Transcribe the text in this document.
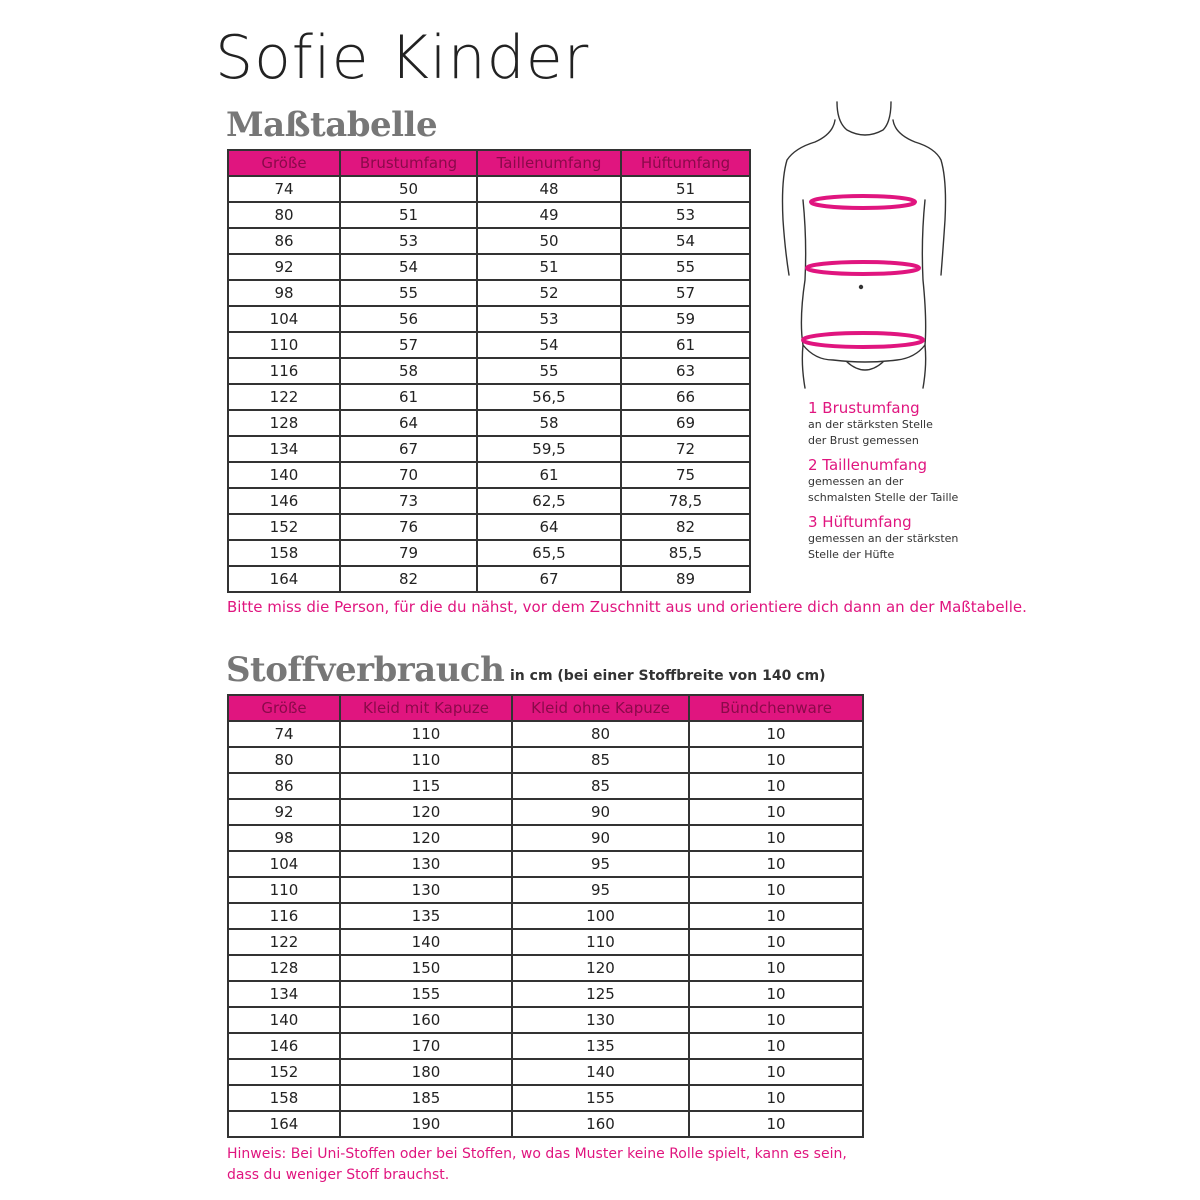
Sofie Kinder
Maßtabelle
Größe	Brustumfang	Taillenumfang	Hüftumfang
74	50	48	51
80	51	49	53
86	53	50	54
92	54	51	55
98	55	52	57
104	56	53	59
110	57	54	61
116	58	55	63
122	61	56,5	66
128	64	58	69
134	67	59,5	72
140	70	61	75
146	73	62,5	78,5
152	76	64	82
158	79	65,5	85,5
164	82	67	89

1 Brustumfang

an der stärksten Stelle

der Brust gemessen

2 Taillenumfang

gemessen an der

schmalsten Stelle der Taille

3 Hüftumfang

gemessen an der stärksten

Stelle der Hüfte

Bitte miss die Person, für die du nähst, vor dem Zuschnitt aus und orientiere dich dann an der Maßtabelle.

Stoffverbrauch in cm (bei einer Stoffbreite von 140 cm)
Größe	Kleid mit Kapuze	Kleid ohne Kapuze	Bündchenware
74	110	80	10
80	110	85	10
86	115	85	10
92	120	90	10
98	120	90	10
104	130	95	10
110	130	95	10
116	135	100	10
122	140	110	10
128	150	120	10
134	155	125	10
140	160	130	10
146	170	135	10
152	180	140	10
158	185	155	10
164	190	160	10

Hinweis: Bei Uni-Stoffen oder bei Stoffen, wo das Muster keine Rolle spielt, kann es sein,
dass du weniger Stoff brauchst.
